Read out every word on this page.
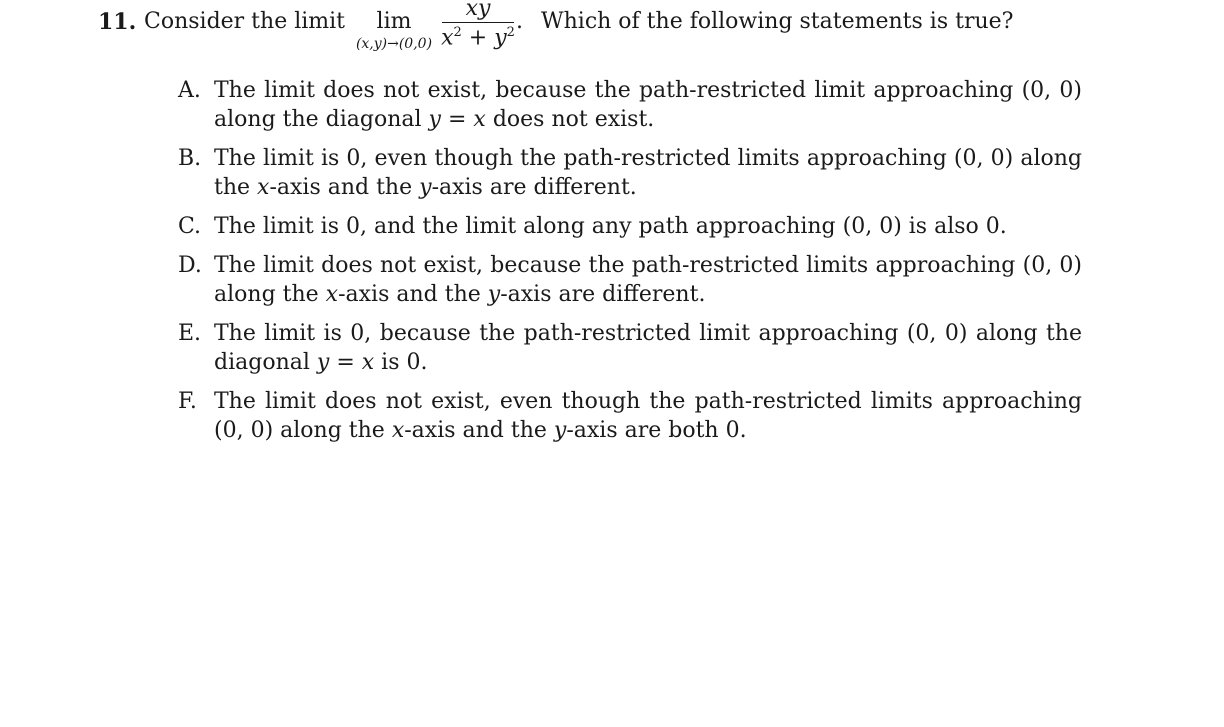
11. Consider the limit	lim
(x,y)→(0,0)
xy
$x^2 + y^2$ . Which of the following statements is true?
A. The limit does not exist, because the path-restricted limit approaching (0, 0) along the diagonal y = x does not exist.
B. The limit is 0, even though the path-restricted limits approaching (0, 0) along the x-axis and the y-axis are different.
C. The limit is 0, and the limit along any path approaching (0, 0) is also 0.
D. The limit does not exist, because the path-restricted limits approaching (0, 0) along the x-axis and the y-axis are different.
E. The limit is 0, because the path-restricted limit approaching (0, 0) along the diagonal y = x is 0.
F. The limit does not exist, even though the path-restricted limits approaching (0, 0) along the x-axis and the y-axis are both 0.
